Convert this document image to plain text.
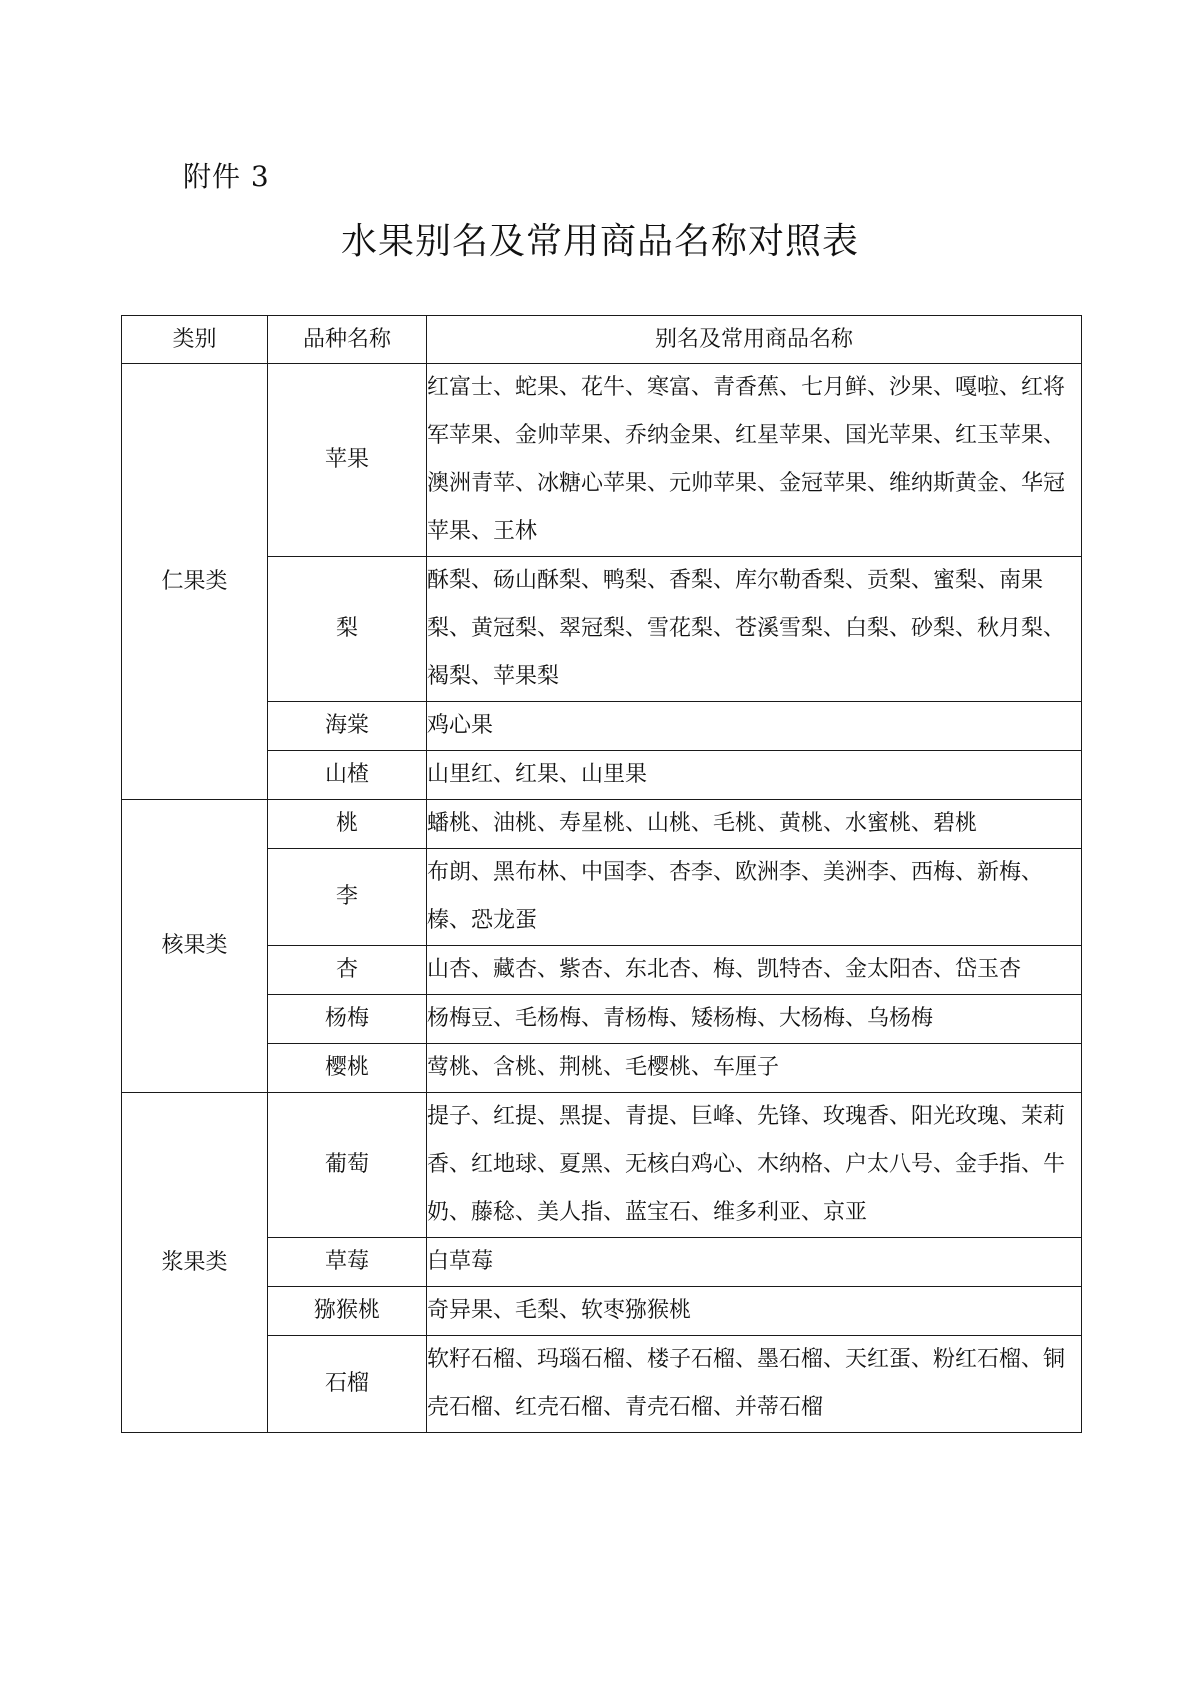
附件 3
水果别名及常用商品名称对照表
类别	品种名称	别名及常用商品名称
仁果类	苹果	红富士、蛇果、花牛、寒富、青香蕉、七月鲜、沙果、嘎啦、红将军苹果、金帅苹果、乔纳金果、红星苹果、国光苹果、红玉苹果、澳洲青苹、冰糖心苹果、元帅苹果、金冠苹果、维纳斯黄金、华冠苹果、王林
	梨	酥梨、砀山酥梨、鸭梨、香梨、库尔勒香梨、贡梨、蜜梨、南果梨、黄冠梨、翠冠梨、雪花梨、苍溪雪梨、白梨、砂梨、秋月梨、褐梨、苹果梨
	海棠	鸡心果
	山楂	山里红、红果、山里果
核果类	桃	蟠桃、油桃、寿星桃、山桃、毛桃、黄桃、水蜜桃、碧桃
	李	布朗、黑布林、中国李、杏李、欧洲李、美洲李、西梅、新梅、榛、恐龙蛋
	杏	山杏、藏杏、紫杏、东北杏、梅、凯特杏、金太阳杏、岱玉杏
	杨梅	杨梅豆、毛杨梅、青杨梅、矮杨梅、大杨梅、乌杨梅
	樱桃	莺桃、含桃、荆桃、毛樱桃、车厘子
浆果类	葡萄	提子、红提、黑提、青提、巨峰、先锋、玫瑰香、阳光玫瑰、茉莉香、红地球、夏黑、无核白鸡心、木纳格、户太八号、金手指、牛奶、藤稔、美人指、蓝宝石、维多利亚、京亚
	草莓	白草莓
	猕猴桃	奇异果、毛梨、软枣猕猴桃
	石榴	软籽石榴、玛瑙石榴、楼子石榴、墨石榴、天红蛋、粉红石榴、铜壳石榴、红壳石榴、青壳石榴、并蒂石榴
